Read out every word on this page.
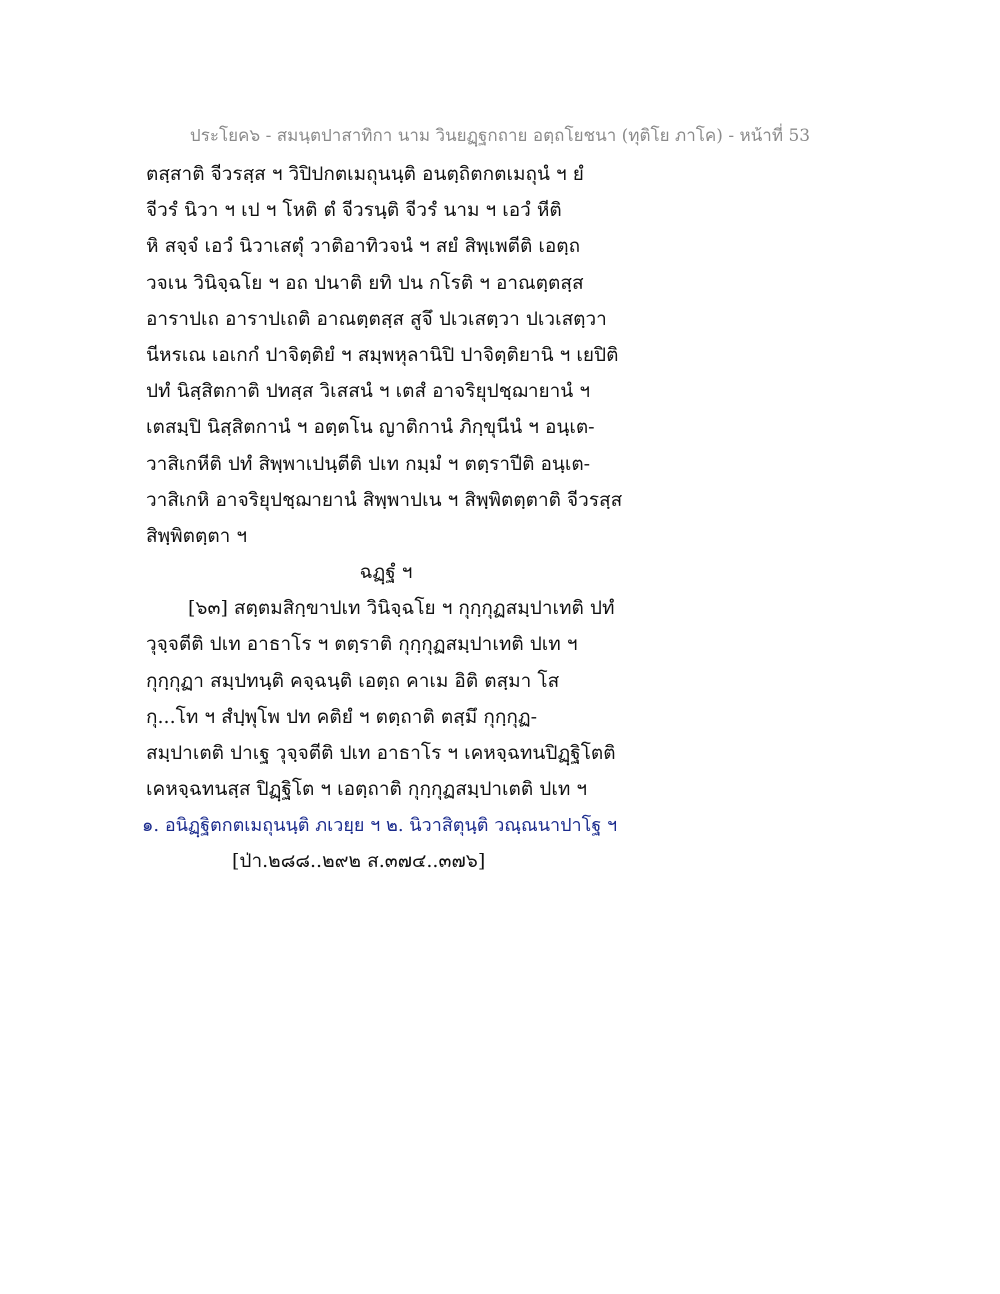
ประโยค๖ - สมนฺตปาสาทิกา นาม วินยฏฺฐกถาย อตฺถโยชนา (ทุติโย ภาโค) - หน้าที่ 53
ตสฺสาติ จีวรสฺส ฯ วิปิปกตเมถุนนฺติ อนตฺถิตกตเมถุนํ ฯ ยํ
จีวรํ นิวา ฯ เป ฯ โหติ ตํ จีวรนฺติ จีวรํ นาม ฯ เอวํ หีติ
หิ สจฺจํ เอวํ นิวาเสตุํ วาติอาทิวจนํ ฯ สยํ สิพฺเพตีติ เอตฺถ
วจเน วินิจฺฉโย ฯ อถ ปนาติ ยทิ ปน กโรติ ฯ อาณตฺตสฺส
อาราปเถ อาราปเถติ อาณตฺตสฺส สูจึ ปเวเสตฺวา ปเวเสตฺวา
นีหรเณ เอเกกํ ปาจิตฺติยํ ฯ สมฺพหุลานิปิ ปาจิตฺติยานิ ฯ เยปิติ
ปทํ นิสฺสิตกาติ ปทสฺส วิเสสนํ ฯ เตสํ อาจริยุปชฺฌายานํ ฯ
เตสมฺปิ นิสฺสิตกานํ ฯ อตฺตโน ญาติกานํ ภิกฺขุนีนํ ฯ อนฺเต-
วาสิเกหีติ ปทํ สิพฺพาเปนฺตีติ ปเท กมฺมํ ฯ ตตฺราปีติ อนฺเต-
วาสิเกหิ อาจริยุปชฺฌายานํ สิพฺพาปเน ฯ สิพฺพิตตฺตาติ จีวรสฺส
สิพฺพิตตฺตา ฯ
ฉฏฺฐํ ฯ
[๖๓] สตฺตมสิกฺขาปเท วินิจฺฉโย ฯ กุกฺกุฏสมฺปาเทติ ปทํ
วุจฺจตีติ ปเท อาธาโร ฯ ตตฺราติ กุกฺกุฏสมฺปาเทติ ปเท ฯ
กุกฺกุฏา สมฺปทนฺติ คจฺฉนฺติ เอตฺถ คาเม อิติ ตสฺมา โส
กุ...โท ฯ สํปฺพุโพ ปท คติยํ ฯ ตตฺถาติ ตสฺมึ กุกฺกุฏ-
สมฺปาเตติ ปาเฐ วุจฺจตีติ ปเท อาธาโร ฯ เคหจฺฉทนปิฏฺฐิโตติ
เคหจฺฉทนสฺส ปิฏฺฐิโต ฯ เอตฺถาติ กุกฺกุฏสมฺปาเตติ ปเท ฯ
๑. อนิฏฺฐิตกตเมถุนนฺติ ภเวยฺย ฯ ๒. นิวาสิตุนฺติ วณฺณนาปาโฐ ฯ
[ป่า.๒๘๘..๒๙๒ ส.๓๗๔..๓๗๖]
